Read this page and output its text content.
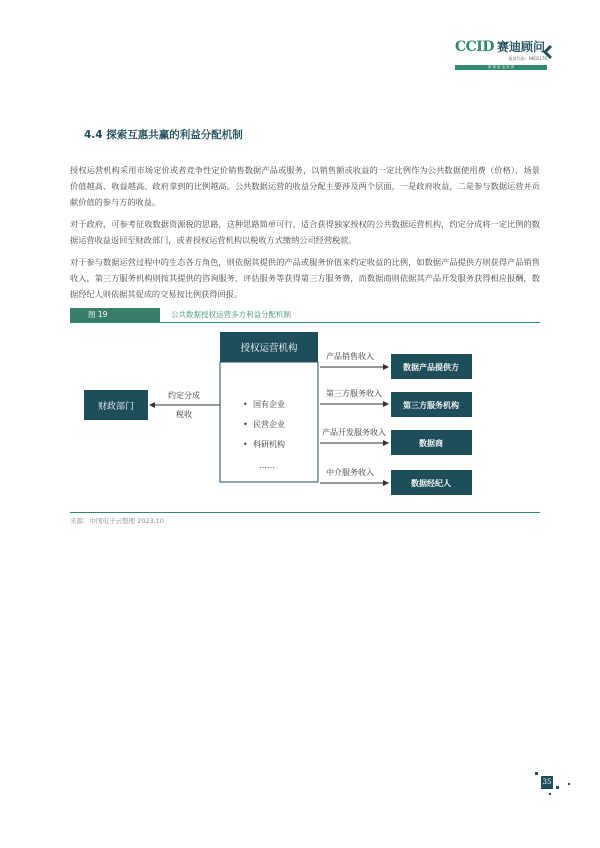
CCID 赛迪顾问
股票代码：HK02176
咨 询 创 造 世 界
4.4 探索互惠共赢的利益分配机制
授权运营机构采用市场定价或者竞争性定价销售数据产品或服务，以销售额或收益的一定比例作为公共数据使用费（价格），场景价值越高、收益越高、政府拿到的比例越高。公共数据运营的收益分配主要涉及两个层面，一是政府收益，二是参与数据运营并贡献价值的参与方的收益。
对于政府，可参考征收数据资源税的思路，这种思路简单可行，适合获得独家授权的公共数据运营机构，约定分成将一定比例的数据运营收益返回至财政部门，或者授权运营机构以税收方式缴纳公司经营税款。
对于参与数据运营过程中的生态各方角色，则依据其提供的产品或服务价值来约定收益的比例，如数据产品提供方则获得产品销售收入，第三方服务机构则按其提供的咨询服务、评估服务等获得第三方服务费，而数据商则依据其产品开发服务获得相应报酬，数据经纪人则依据其促成的交易按比例获得回报。
图 19	公共数据授权运营多方利益分配机制
财政部门
约定分成
税收
授权运营机构
• 国有企业
• 民营企业
• 科研机构
……
产品销售收入
数据产品提供方
第三方服务收入
第三方服务机构
产品开发服务收入
数据商
中介服务收入
数据经纪人
来源：中国电子云整理 2023.10
35
